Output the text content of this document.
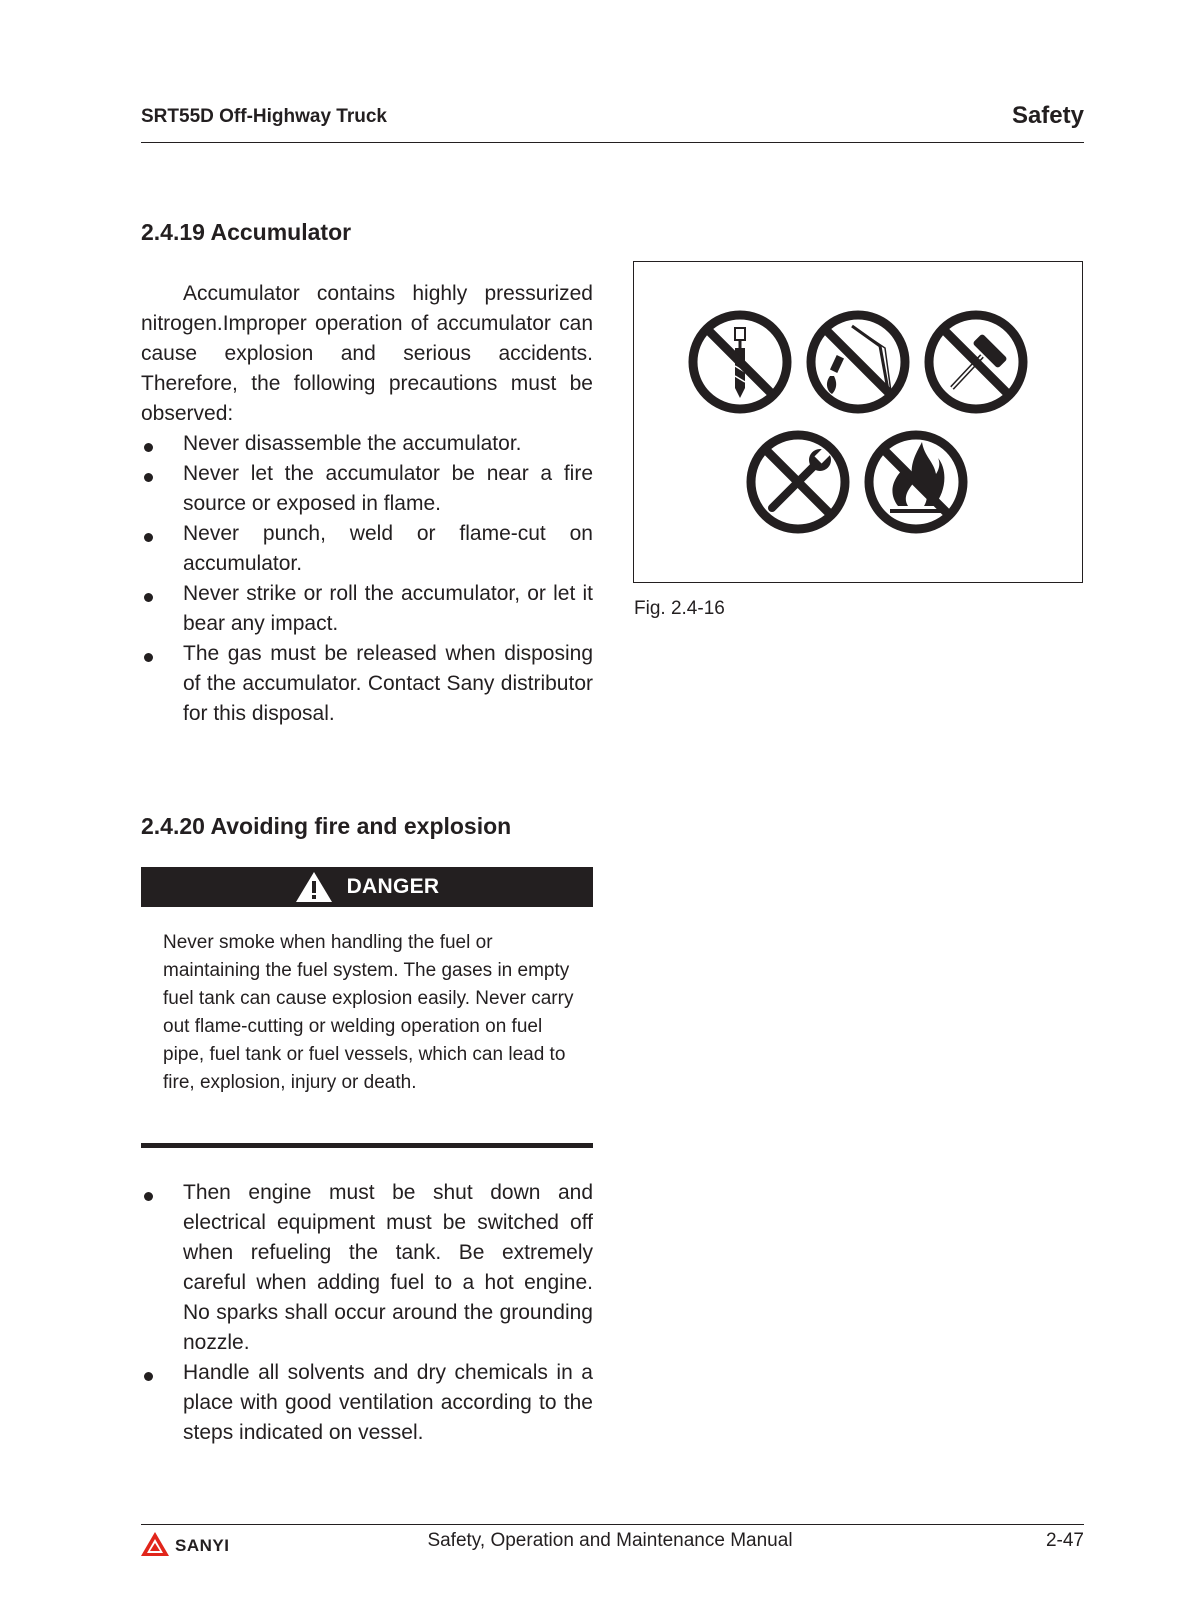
SRT55D Off-Highway Truck	Safety
2.4.19 Accumulator

Accumulator contains highly pressurized nitrogen.Improper operation of accumulator can cause explosion and serious accidents. Therefore, the following precautions must be observed:

Never disassemble the accumulator.
Never let the accumulator be near a fire source or exposed in flame.
Never punch, weld or flame-cut on accumulator.
Never strike or roll the accumulator, or let it bear any impact.
The gas must be released when disposing of the accumulator. Contact Sany distributor for this disposal.
Fig. 2.4-16
2.4.20 Avoiding fire and explosion
DANGER
Never smoke when handling the fuel or maintaining the fuel system. The gases in empty fuel tank can cause explosion easily. Never carry out flame-cutting or welding operation on fuel pipe, fuel tank or fuel vessels, which can lead to fire, explosion, injury or death.
Then engine must be shut down and electrical equipment must be switched off when refueling the tank. Be extremely careful when adding fuel to a hot engine. No sparks shall occur around the grounding nozzle.
Handle all solvents and dry chemicals in a place with good ventilation according to the steps indicated on vessel.
SANYI	Safety, Operation and Maintenance Manual	2-47
